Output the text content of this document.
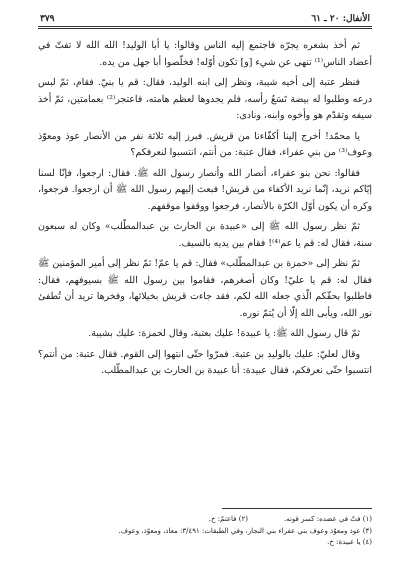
الأنفال: ٢٠ ـ ٦١
٣٧٩

ثم أخذ بشعره يجرّه فاجتمع إليه الناس وقالوا: يا أبا الوليد! الله الله لا تفتّ في أعضاد الناس⁽¹⁾ تنهى عن شيء [و] تكون أوّله! فخلّصوا أبا جهل من يده.

فنظر عتبة إلى أخيه شيبة، ونظر إلى ابنه الوليد، فقال: قم يا بنيّ. فقام، ثمّ لبس درعه وطلبوا له بيضة تَسَعُ رأسه، فلم يجدوها لعظم هامته، فاعتجر⁽²⁾ بعمامتين، ثمّ أخذ سيفه وتقدّم هو وأخوه وابنه، ونادى:

يا محمّد! أخرج إلينا أكفّاءنا من قريش. فبرز إليه ثلاثة نفر من الأنصار عوذ ومعوّذ وعوف⁽³⁾ من بني عفراء، فقال عتبة: من أنتم، انتسبوا لنعرفكم؟

فقالوا: نحن بنو عفراء، أنصار الله وأنصار رسول الله ﷺ. فقال: ارجعوا، فإنّا لسنا إيّاكم نريد، إنّما نريد الأكفاء من قريش! فبعث إليهم رسول الله ﷺ أن ارجعوا. فرجعوا، وكره أن يكون أوّل الكرّة بالأنصار، فرجعوا ووقفوا موقفهم.

ثمّ نظر رسول الله ﷺ إلى «عبيدة بن الحارث بن عبدالمطّلب» وكان له سبعون سنة، فقال له: قم يا عم⁽⁴⁾! فقام بين يديه بالسيف.

ثمّ نظر إلى «حمزة بن عبدالمطّلب» فقال: قم يا عمّ! ثمّ نظر إلى أمير المؤمنين ﷺ فقال له: قم يا عليّ! وكان أصغرهم، فقاموا بين رسول الله ﷺ بسيوفهم، فقال: فاطلبوا بحقّكم الّذي جعله الله لكم، فقد جاءت قريش بخيلائها، وفخرها تريد أن تُطفئ نور الله، ويأبى الله إلّا أن يُتمّ نوره.

ثمّ قال رسول الله ﷺ: يا عبيدة! عليك بعتبة، وقال لحمزة: عليك بشيبة.

وقال لعليّ: عليك بالوليد بن عتبة. فمرّوا حتّى انتهوا إلى القوم. فقال عتبة: من أنتم؟ انتسبوا حتّى نعرفكم، فقال عبيدة: أنا عبيدة بن الحارث بن عبدالمطّلب.

(١) فتّ في عضده: كسر قوته.
(٢) فاعتمّ: خ.
(٣) عوذ ومعوّذ وعوف بني عفراء بني النجار، وفي الطبقات: ٣/٤٩١: معاذ، ومعوّذ، وعوف.
(٤) يا عبيدة: خ.
